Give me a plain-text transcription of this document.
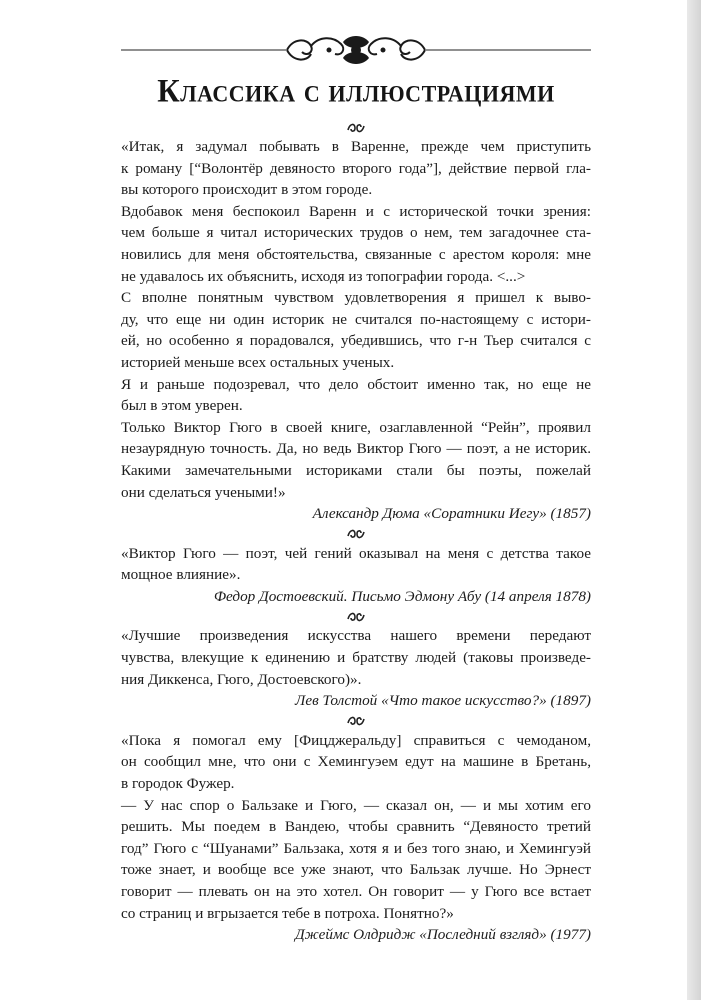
Классика с иллюстрациями
«Итак, я задумал побывать в Варенне, прежде чем приступить
к роману [“Волонтёр девяносто второго года”], действие первой гла-
вы которого происходит в этом городе.
Вдобавок меня беспокоил Варенн и с исторической точки зрения:
чем больше я читал исторических трудов о нем, тем загадочнее ста-
новились для меня обстоятельства, связанные с арестом короля: мне
не удавалось их объяснить, исходя из топографии города. <...>
С вполне понятным чувством удовлетворения я пришел к выво-
ду, что еще ни один историк не считался по-настоящему с истори-
ей, но особенно я порадовался, убедившись, что г-н Тьер считался с
историей меньше всех остальных ученых.
Я и раньше подозревал, что дело обстоит именно так, но еще не
был в этом уверен.
Только Виктор Гюго в своей книге, озаглавленной “Рейн”, проявил
незаурядную точность. Да, но ведь Виктор Гюго — поэт, а не историк.
Какими замечательными историками стали бы поэты, пожелай
они сделаться учеными!»
Александр Дюма «Соратники Иегу» (1857)
«Виктор Гюго — поэт, чей гений оказывал на меня с детства такое
мощное влияние».
Федор Достоевский. Письмо Эдмону Абу (14 апреля 1878)
«Лучшие произведения искусства нашего времени передают
чувства, влекущие к единению и братству людей (таковы произведе-
ния Диккенса, Гюго, Достоевского)».
Лев Толстой «Что такое искусство?» (1897)
«Пока я помогал ему [Фицджеральду] справиться с чемоданом,
он сообщил мне, что они с Хемингуэем едут на машине в Бретань,
в городок Фужер.
— У нас спор о Бальзаке и Гюго, — сказал он, — и мы хотим его
решить. Мы поедем в Вандею, чтобы сравнить “Девяносто третий
год” Гюго с “Шуанами” Бальзака, хотя я и без того знаю, и Хемингуэй
тоже знает, и вообще все уже знают, что Бальзак лучше. Но Эрнест
говорит — плевать он на это хотел. Он говорит — у Гюго все встает
со страниц и вгрызается тебе в потроха. Понятно?»
Джеймс Олдридж «Последний взгляд» (1977)
